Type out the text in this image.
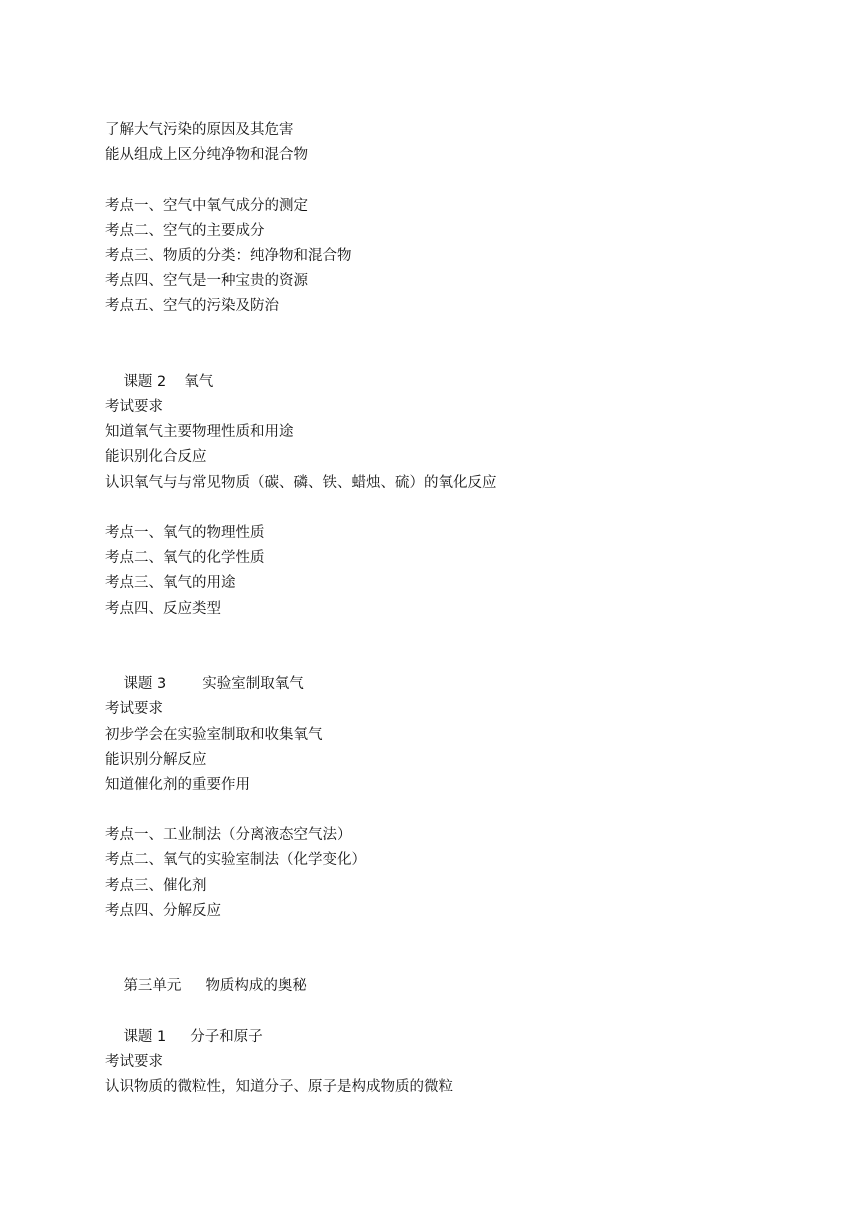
了解大气污染的原因及其危害
能从组成上区分纯净物和混合物
考点一、空气中氧气成分的测定
考点二、空气的主要成分
考点三、物质的分类：纯净物和混合物
考点四、空气是一种宝贵的资源
考点五、空气的污染及防治

课题 2 氧气

考试要求
知道氧气主要物理性质和用途
能识别化合反应
认识氧气与与常见物质（碳、磷、铁、蜡烛、硫）的氧化反应
考点一、氧气的物理性质
考点二、氧气的化学性质
考点三、氧气的用途
考点四、反应类型

课题 3 实验室制取氧气

考试要求
初步学会在实验室制取和收集氧气
能识别分解反应
知道催化剂的重要作用
考点一、工业制法（分离液态空气法）
考点二、氧气的实验室制法（化学变化）
考点三、催化剂
考点四、分解反应

第三单元 物质构成的奥秘

课题 1 分子和原子

考试要求
认识物质的微粒性，知道分子、原子是构成物质的微粒
